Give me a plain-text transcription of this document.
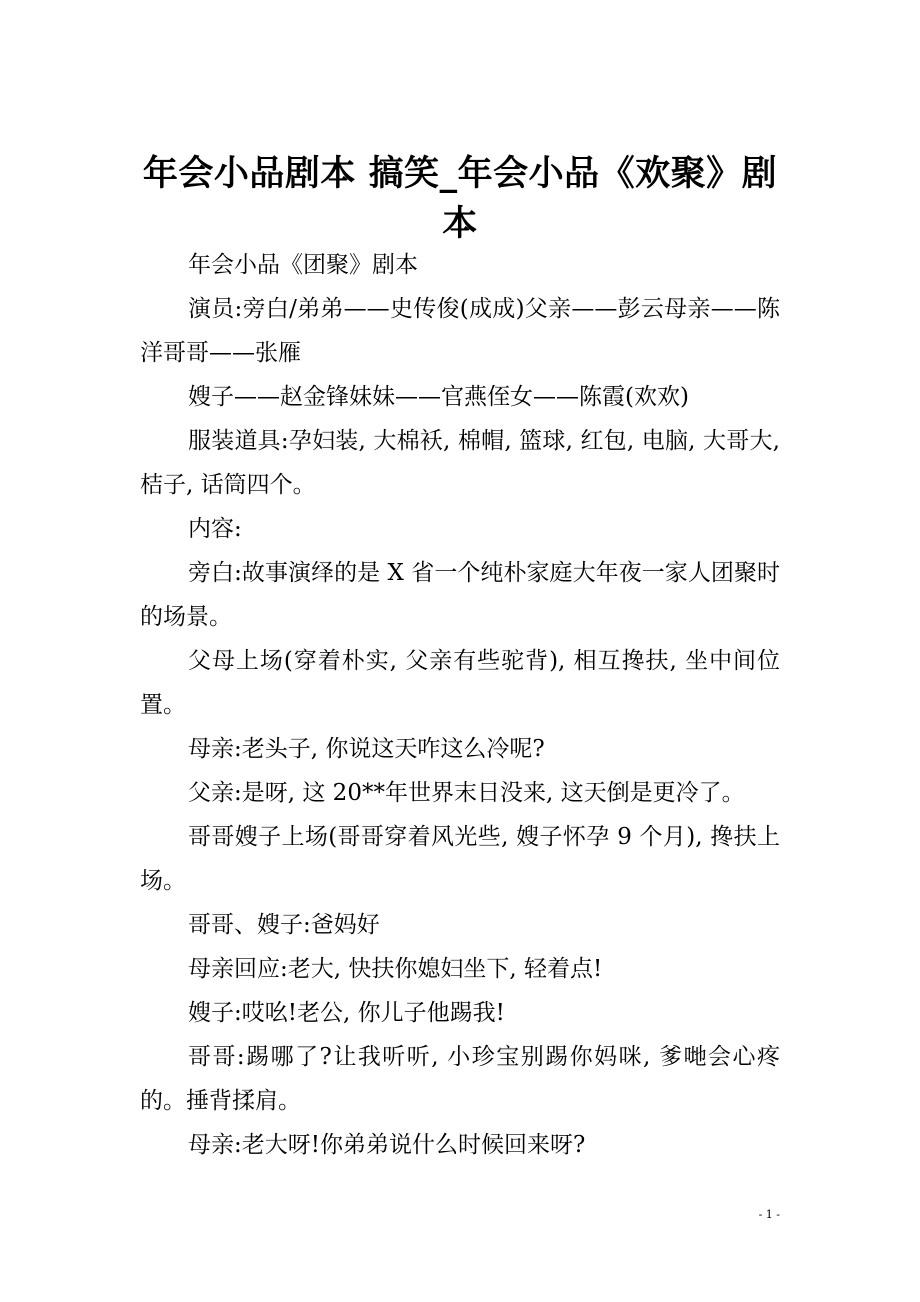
年会小品剧本 搞笑_年会小品《欢聚》剧本

年会小品《团聚》剧本

演员:旁白/弟弟——史传俊(成成)父亲——彭云母亲——陈洋哥哥——张雁

嫂子——赵金锋妹妹——官燕侄女——陈霞(欢欢)

服装道具:孕妇装, 大棉袄, 棉帽, 篮球, 红包, 电脑, 大哥大, 桔子, 话筒四个。

内容:

旁白:故事演绎的是 X 省一个纯朴家庭大年夜一家人团聚时的场景。

父母上场(穿着朴实, 父亲有些驼背), 相互搀扶, 坐中间位置。

母亲:老头子, 你说这天咋这么冷呢?

父亲:是呀, 这 20**年世界末日没来, 这天倒是更冷了。

哥哥嫂子上场(哥哥穿着风光些, 嫂子怀孕 9 个月), 搀扶上场。

哥哥、嫂子:爸妈好

母亲回应:老大, 快扶你媳妇坐下, 轻着点!

嫂子:哎吆!老公, 你儿子他踢我!

哥哥:踢哪了?让我听听, 小珍宝别踢你妈咪, 爹哋会心疼的。捶背揉肩。

母亲:老大呀!你弟弟说什么时候回来呀?

- 1 -
